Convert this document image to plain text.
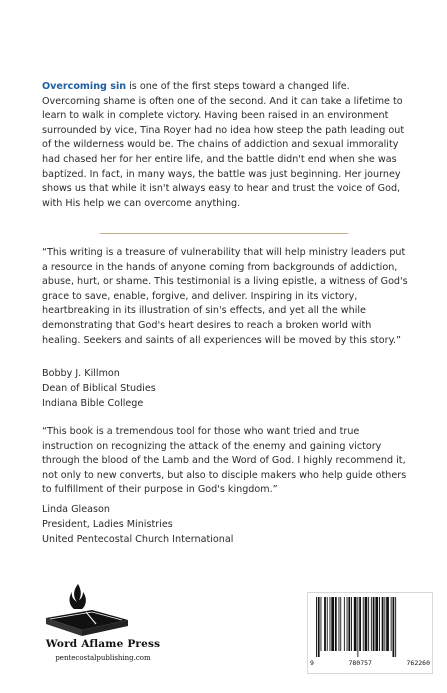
Overcoming sin is one of the first steps toward a changed life. Overcoming shame is often one of the second. And it can take a lifetime to learn to walk in complete victory. Having been raised in an environment surrounded by vice, Tina Royer had no idea how steep the path leading out of the wilderness would be. The chains of addiction and sexual immorality had chased her for her entire life, and the battle didn't end when she was baptized. In fact, in many ways, the battle was just beginning. Her journey shows us that while it isn't always easy to hear and trust the voice of God, with His help we can overcome anything.

“This writing is a treasure of vulnerability that will help ministry leaders put a resource in the hands of anyone coming from backgrounds of addiction, abuse, hurt, or shame. This testimonial is a living epistle, a witness of God's grace to save, enable, forgive, and deliver. Inspiring in its victory, heartbreaking in its illustration of sin's effects, and yet all the while demonstrating that God's heart desires to reach a broken world with healing. Seekers and saints of all experiences will be moved by this story.”

Bobby J. Killmon
Dean of Biblical Studies
Indiana Bible College

“This book is a tremendous tool for those who want tried and true instruction on recognizing the attack of the enemy and gaining victory through the blood of the Lamb and the Word of God. I highly recommend it, not only to new converts, but also to disciple makers who help guide others to fulfillment of their purpose in God's kingdom.”

Linda Gleason
President, Ladies Ministries
United Pentecostal Church International
Word Aflame Press
pentecostalpublishing.com
9	780757	762260
